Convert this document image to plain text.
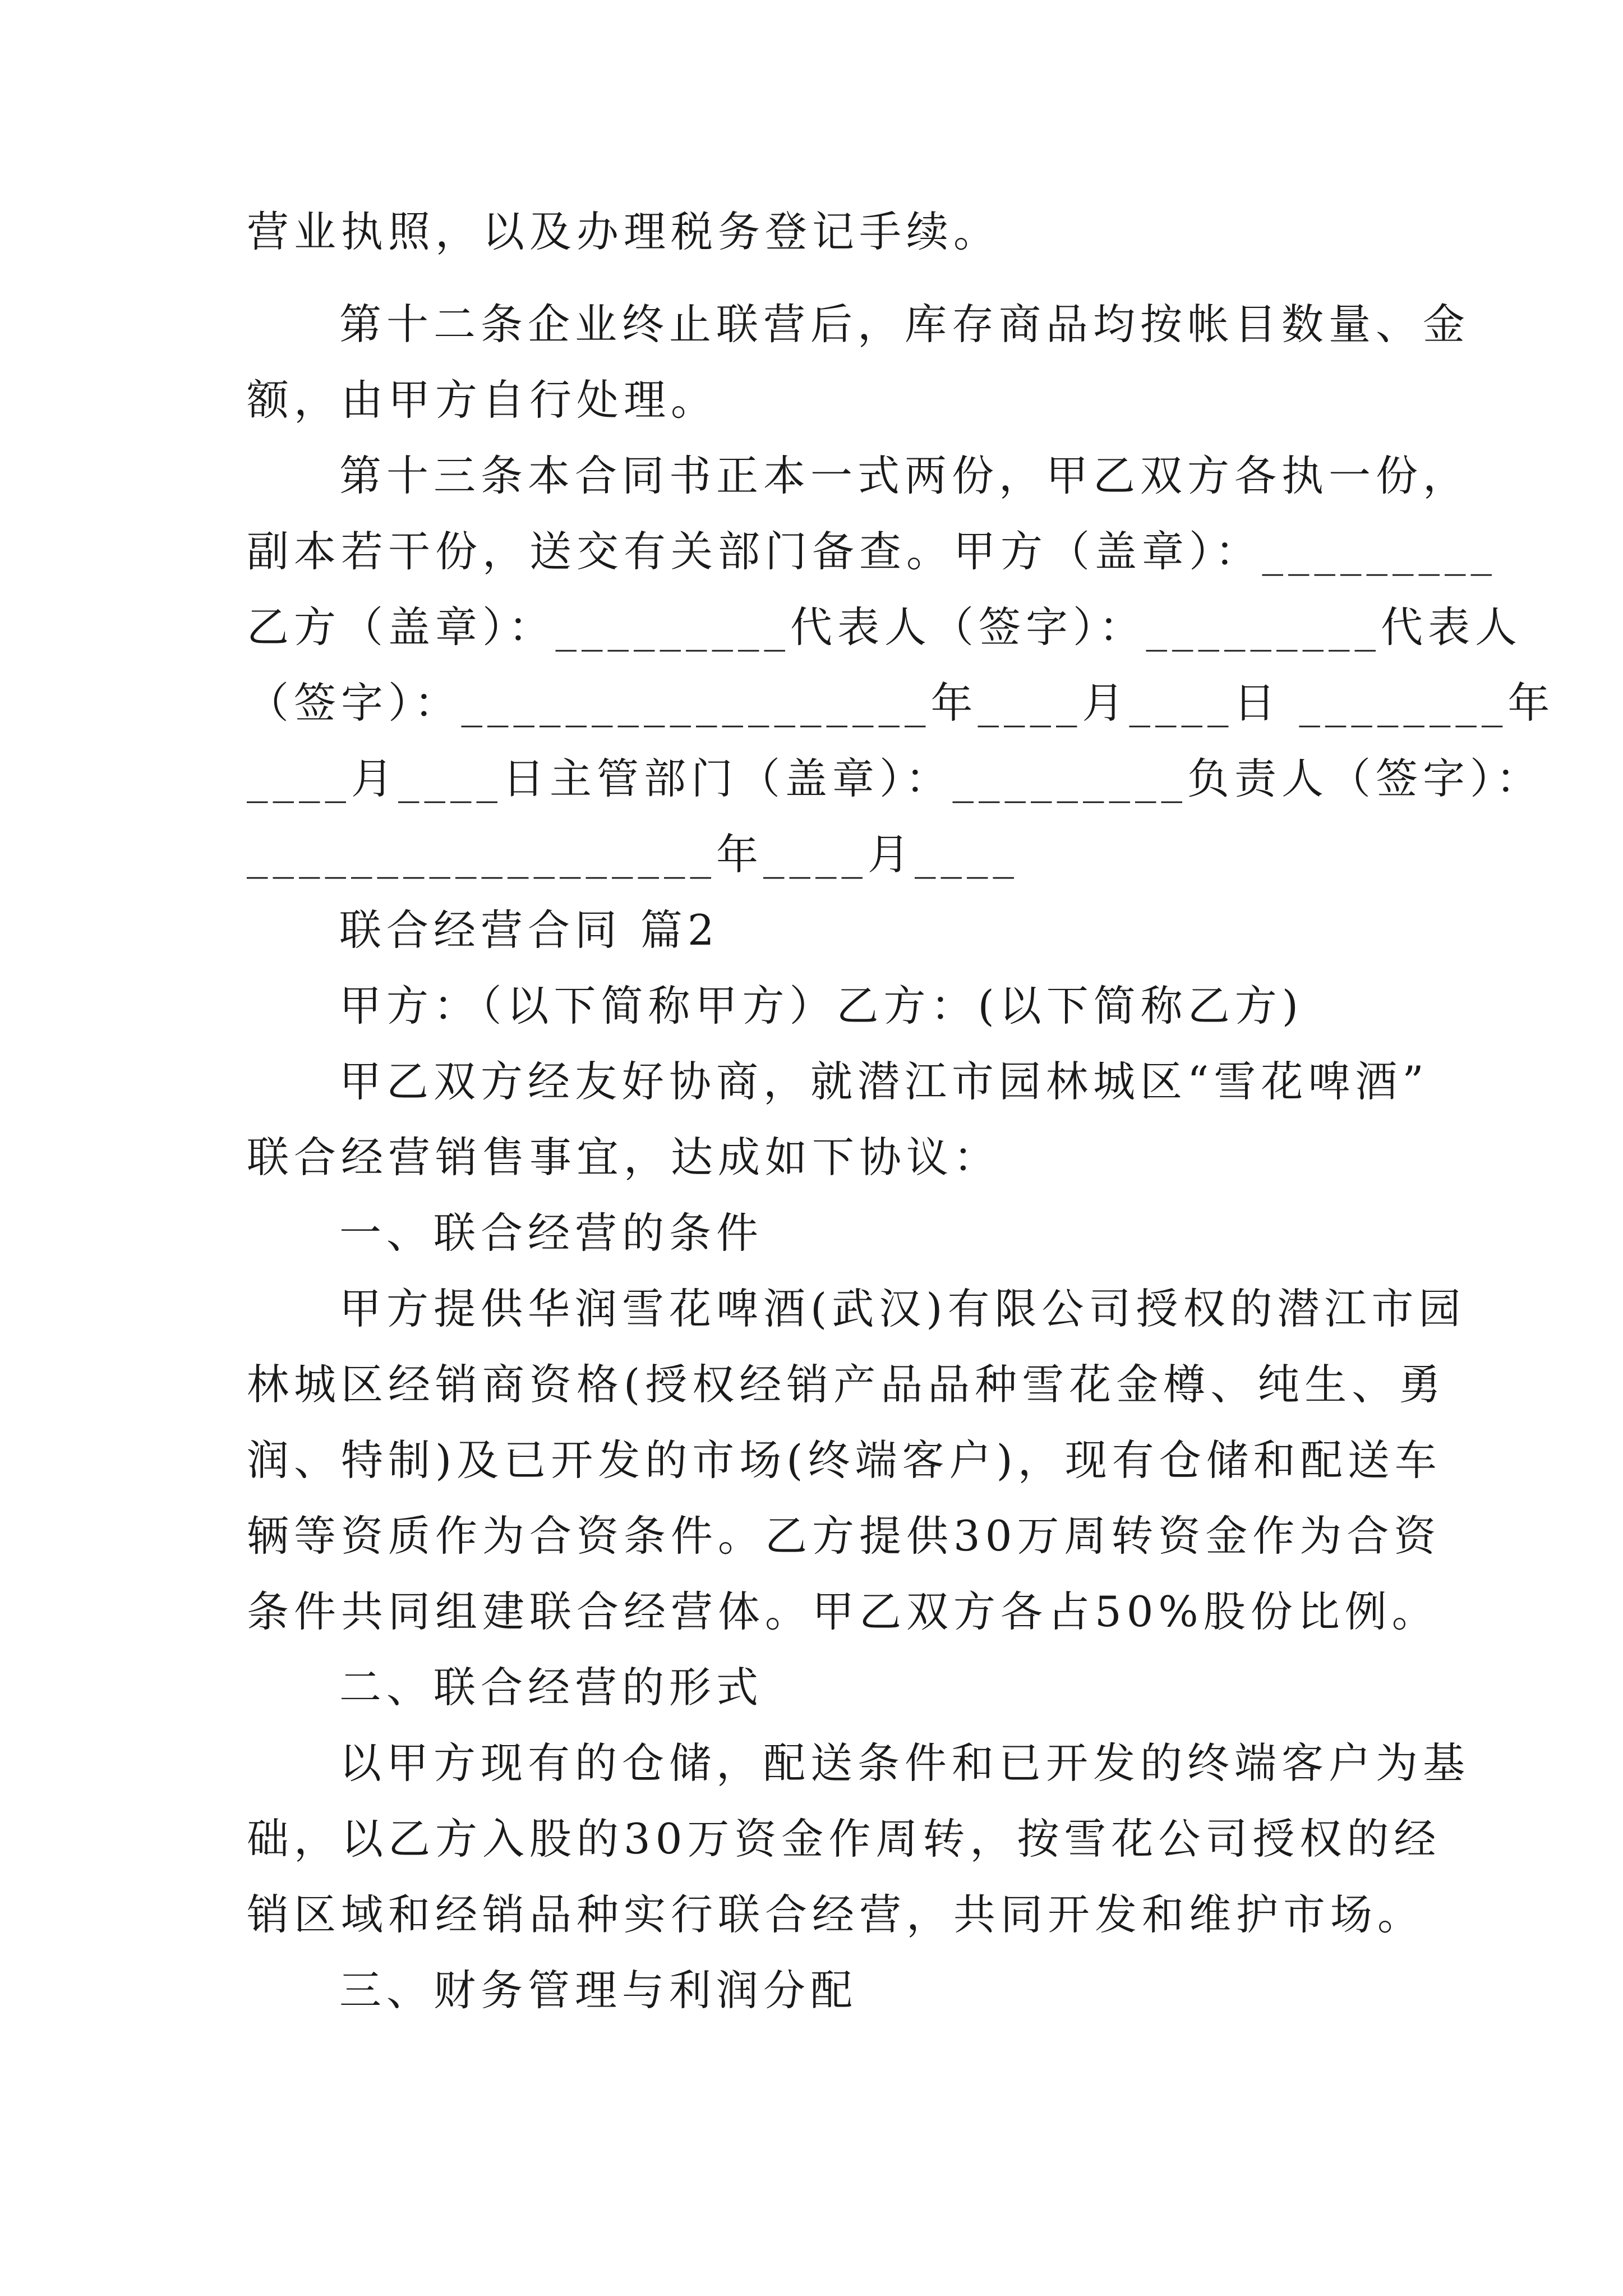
营业执照，以及办理税务登记手续。
第十二条企业终止联营后，库存商品均按帐目数量、金
额，由甲方自行处理。
第十三条本合同书正本一式两份，甲乙双方各执一份，
副本若干份，送交有关部门备查。甲方（盖章）：_________
乙方（盖章）：_________代表人（签字）：_________代表人
（签字）：__________________年____月____日 ________年
____月____日主管部门（盖章）：_________负责人（签字）：
__________________年____月____
联合经营合同 篇2
甲方：（以下简称甲方）乙方：(以下简称乙方)
甲乙双方经友好协商，就潜江市园林城区“雪花啤酒”
联合经营销售事宜，达成如下协议：
一、联合经营的条件
甲方提供华润雪花啤酒(武汉)有限公司授权的潜江市园
林城区经销商资格(授权经销产品品种雪花金樽、纯生、勇
润、特制)及已开发的市场(终端客户)，现有仓储和配送车
辆等资质作为合资条件。乙方提供30万周转资金作为合资
条件共同组建联合经营体。甲乙双方各占50%股份比例。
二、联合经营的形式
以甲方现有的仓储，配送条件和已开发的终端客户为基
础，以乙方入股的30万资金作周转，按雪花公司授权的经
销区域和经销品种实行联合经营，共同开发和维护市场。
三、财务管理与利润分配
